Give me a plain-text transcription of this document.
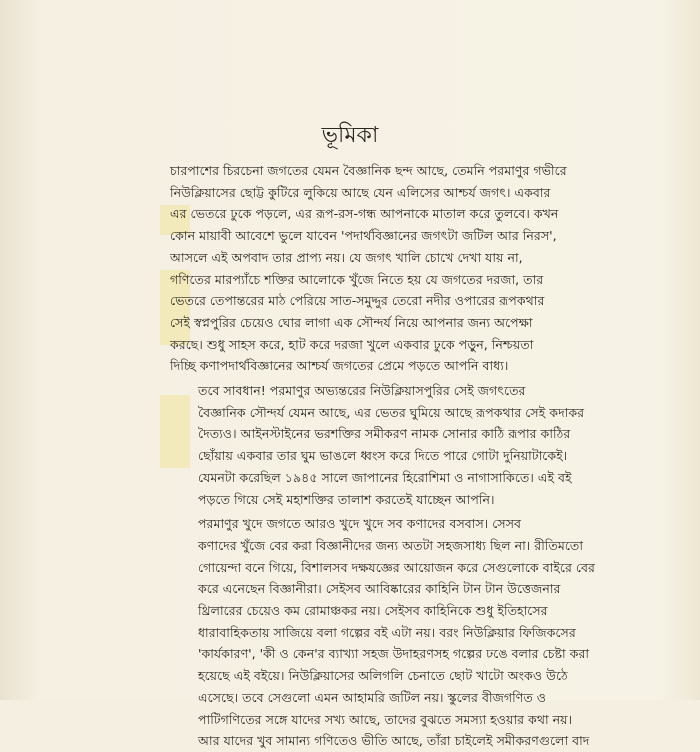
ভূমিকা

চারপাশের চিরচেনা জগতের যেমন বৈজ্ঞানিক ছন্দ আছে, তেমনি পরমাণুর গভীরে
নিউক্লিয়াসের ছোট্ট কুটিরে লুকিয়ে আছে যেন এলিসের আশ্চর্য জগৎ। একবার
এর ভেতরে ঢুকে পড়লে, এর রূপ-রস-গন্ধ আপনাকে মাতাল করে তুলবে। কখন
কোন মায়াবী আবেশে ভুলে যাবেন 'পদার্থবিজ্ঞানের জগৎটা জটিল আর নিরস',
আসলে এই অপবাদ তার প্রাপ্য নয়। যে জগৎ খালি চোখে দেখা যায় না,
গণিতের মারপ্যাঁচে শক্তির আলোকে খুঁজে নিতে হয় যে জগতের দরজা, তার
ভেতরে তেপান্তরের মাঠ পেরিয়ে সাত-সমুদ্দুর তেরো নদীর ওপারের রূপকথার
সেই স্বপ্নপুরির চেয়েও ঘোর লাগা এক সৌন্দর্য নিয়ে আপনার জন্য অপেক্ষা
করছে। শুধু সাহস করে, হাট করে দরজা খুলে একবার ঢুকে পড়ুন, নিশ্চয়তা
দিচ্ছি কণাপদার্থবিজ্ঞানের আশ্চর্য জগতের প্রেমে পড়তে আপনি বাধ্য।

তবে সাবধান! পরমাণুর অভ্যন্তরের নিউক্লিয়াসপুরির সেই জগৎতের
বৈজ্ঞানিক সৌন্দর্য যেমন আছে, এর ভেতর ঘুমিয়ে আছে রূপকথার সেই কদাকর
দৈত্যও। আইনস্টাইনের ভরশক্তির সমীকরণ নামক সোনার কাঠি রূপার কাঠির
ছোঁয়ায় একবার তার ঘুম ভাঙলে ধ্বংস করে দিতে পারে গোটা দুনিয়াটাকেই।
যেমনটা করেছিল ১৯৪৫ সালে জাপানের হিরোশিমা ও নাগাসাকিতে। এই বই
পড়তে গিয়ে সেই মহাশক্তির তালাশ করতেই যাচ্ছেন আপনি।

পরমাণুর খুদে জগতে আরও খুদে খুদে সব কণাদের বসবাস। সেসব
কণাদের খুঁজে বের করা বিজ্ঞানীদের জন্য অতটা সহজসাধ্য ছিল না। রীতিমতো
গোয়েন্দা বনে গিয়ে, বিশালসব দক্ষযজ্ঞের আয়োজন করে সেগুলোকে বাইরে বের
করে এনেছেন বিজ্ঞানীরা। সেইসব আবিষ্কারের কাহিনি টান টান উত্তেজনার
থ্রিলারের চেয়েও কম রোমাঞ্চকর নয়। সেইসব কাহিনিকে শুধু ইতিহাসের
ধারাবাহিকতায় সাজিয়ে বলা গল্পের বই এটা নয়। বরং নিউক্লিয়ার ফিজিকসের
'কার্যকারণ', 'কী ও কেন'র ব্যাখ্যা সহজ উদাহরণসহ গল্পের ঢঙে বলার চেষ্টা করা
হয়েছে এই বইয়ে। নিউক্লিয়াসের অলিগলি চেনাতে ছোট খাটো অংকও উঠে
এসেছে। তবে সেগুলো এমন আহামরি জটিল নয়। স্কুলের বীজগণিত ও
পাটিগণিতের সঙ্গে যাদের সখ্য আছে, তাদের বুঝতে সমস্যা হওয়ার কথা নয়।
আর যাদের খুব সামান্য গণিতেও ভীতি আছে, তাঁরা চাইলেই সমীকরণগুলো বাদ
